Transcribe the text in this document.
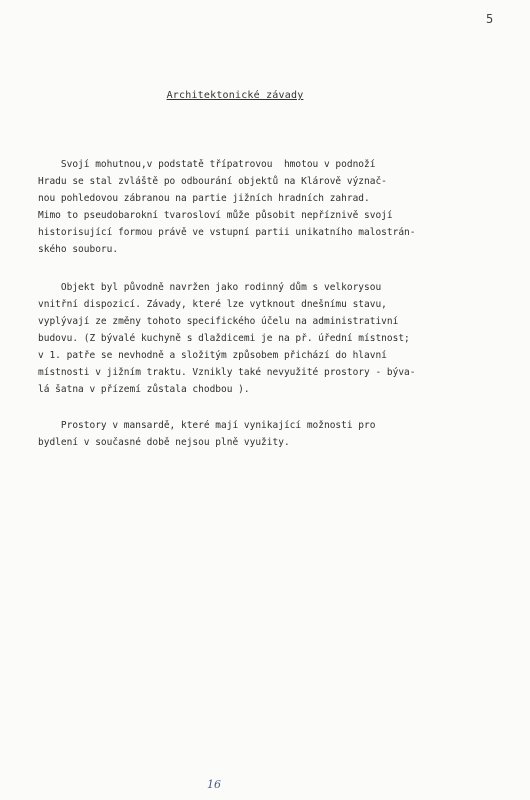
5
Architektonické závady

Svojí mohutnou,v podstatě třípatrovou  hmotou v podnoží
Hradu se stal zvláště po odbourání objektů na Klárově význač-
nou pohledovou zábranou na partie jižních hradních zahrad.
Mimo to pseudobarokní tvarosloví může působit nepříznivě svojí
historisující formou právě ve vstupní partii unikatního malostrán-
ského souboru.

Objekt byl původně navržen jako rodinný dům s velkorysou
vnitřní dispozicí. Závady, které lze vytknout dnešnímu stavu,
vyplývají ze změny tohoto specifického účelu na administrativní
budovu. (Z bývalé kuchyně s dlaždicemi je na př. úřední místnost;
v 1. patře se nevhodně a složitým způsobem přichází do hlavní
místnosti v jižním traktu. Vznikly také nevyužité prostory - býva-
lá šatna v přízemí zůstala chodbou ).

Prostory v mansardě, které mají vynikající možnosti pro
bydlení v současné době nejsou plně využity.

16
